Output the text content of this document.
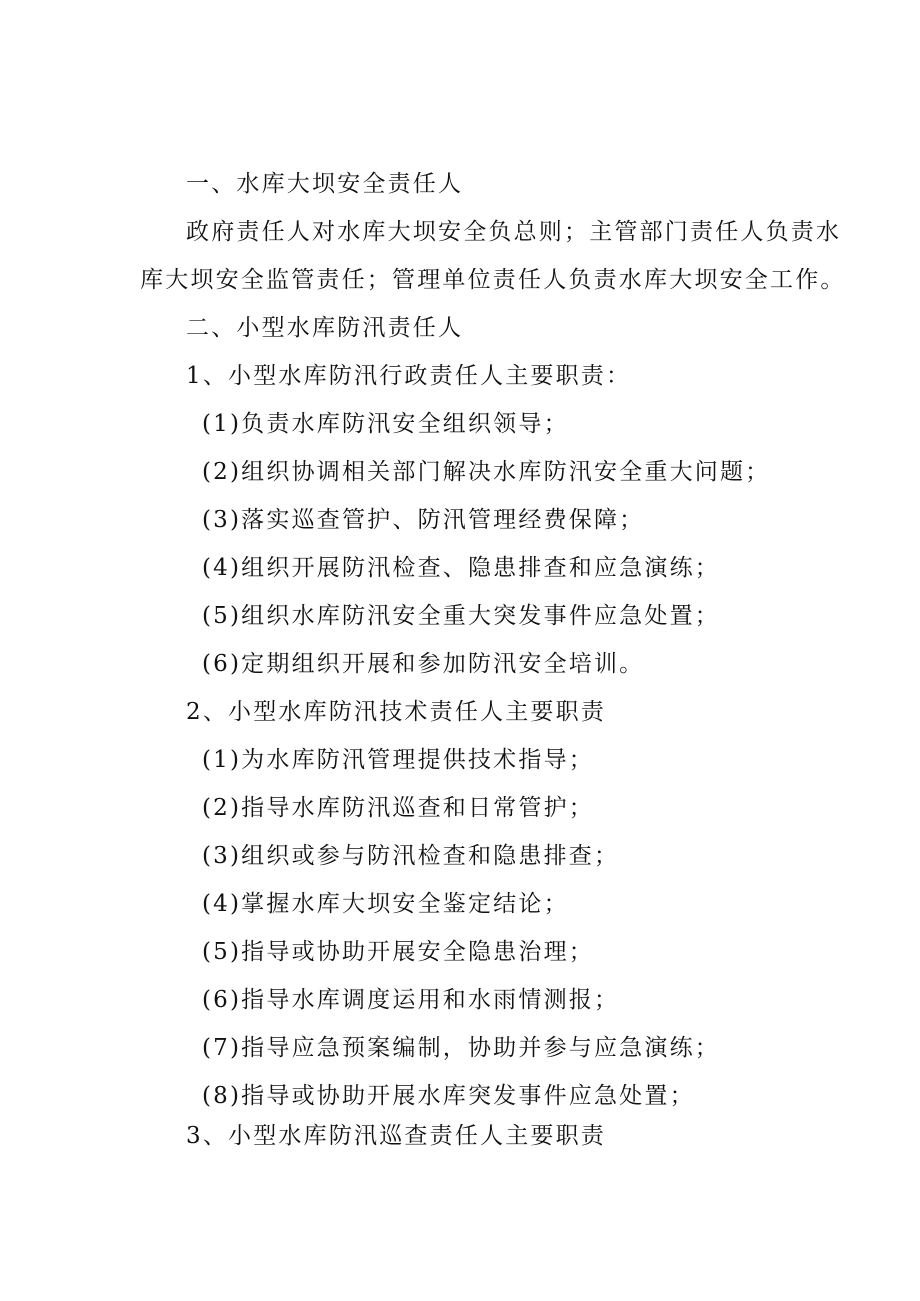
一、水库大坝安全责任人
政府责任人对水库大坝安全负总则；主管部门责任人负责水
库大坝安全监管责任；管理单位责任人负责水库大坝安全工作。
二、小型水库防汛责任人
1、小型水库防汛行政责任人主要职责：
(1)负责水库防汛安全组织领导；
(2)组织协调相关部门解决水库防汛安全重大问题；
(3)落实巡查管护、防汛管理经费保障；
(4)组织开展防汛检查、隐患排查和应急演练；
(5)组织水库防汛安全重大突发事件应急处置；
(6)定期组织开展和参加防汛安全培训。
2、小型水库防汛技术责任人主要职责
(1)为水库防汛管理提供技术指导；
(2)指导水库防汛巡查和日常管护；
(3)组织或参与防汛检查和隐患排查；
(4)掌握水库大坝安全鉴定结论；
(5)指导或协助开展安全隐患治理；
(6)指导水库调度运用和水雨情测报；
(7)指导应急预案编制，协助并参与应急演练；
(8)指导或协助开展水库突发事件应急处置；
3、小型水库防汛巡查责任人主要职责
